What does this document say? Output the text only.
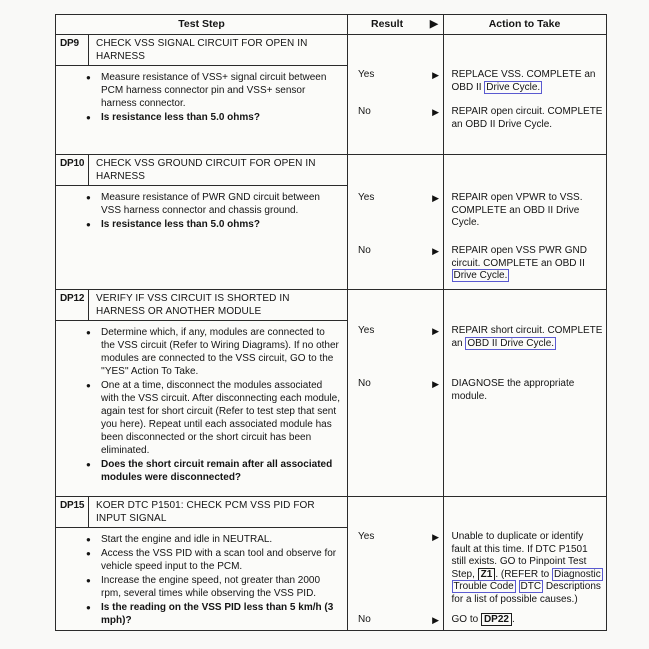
Test Step	Result	▶	Action to Take
DP9	CHECK VSS SIGNAL CIRCUIT FOR OPEN IN HARNESS
●	Measure resistance of VSS+ signal circuit between PCM harness connector pin and VSS+ sensor harness connector.
●	Is resistance less than 5.0 ohms?
Yes	▶	REPLACE VSS. COMPLETE an OBD II Drive Cycle.
No	▶	REPAIR open circuit. COMPLETE an OBD II Drive Cycle.
DP10	CHECK VSS GROUND CIRCUIT FOR OPEN IN HARNESS
●	Measure resistance of PWR GND circuit between VSS harness connector and chassis ground.
●	Is resistance less than 5.0 ohms?
Yes	▶	REPAIR open VPWR to VSS. COMPLETE an OBD II Drive Cycle.
No	▶	REPAIR open VSS PWR GND circuit. COMPLETE an OBD II Drive Cycle.
DP12	VERIFY IF VSS CIRCUIT IS SHORTED IN HARNESS OR ANOTHER MODULE
●	Determine which, if any, modules are connected to the VSS circuit (Refer to Wiring Diagrams). If no other modules are connected to the VSS circuit, GO to the ''YES'' Action To Take.
●	One at a time, disconnect the modules associated with the VSS circuit. After disconnecting each module, again test for short circuit (Refer to test step that sent you here). Repeat until each associated module has been disconnected or the short circuit has been eliminated.
●	Does the short circuit remain after all associated modules were disconnected?
Yes	▶	REPAIR short circuit. COMPLETE an OBD II Drive Cycle.
No	▶	DIAGNOSE the appropriate module.
DP15	KOER DTC P1501: CHECK PCM VSS PID FOR INPUT SIGNAL
●	Start the engine and idle in NEUTRAL.
●	Access the VSS PID with a scan tool and observe for vehicle speed input to the PCM.
●	Increase the engine speed, not greater than 2000 rpm, several times while observing the VSS PID.
●	Is the reading on the VSS PID less than 5 km/h (3 mph)?
Yes	▶	Unable to duplicate or identify fault at this time. If DTC P1501 still exists. GO to Pinpoint Test Step, Z1 . (REFER to Diagnostic Trouble Code DTC Descriptions for a list of possible causes.)
No	▶	GO to DP22 .
